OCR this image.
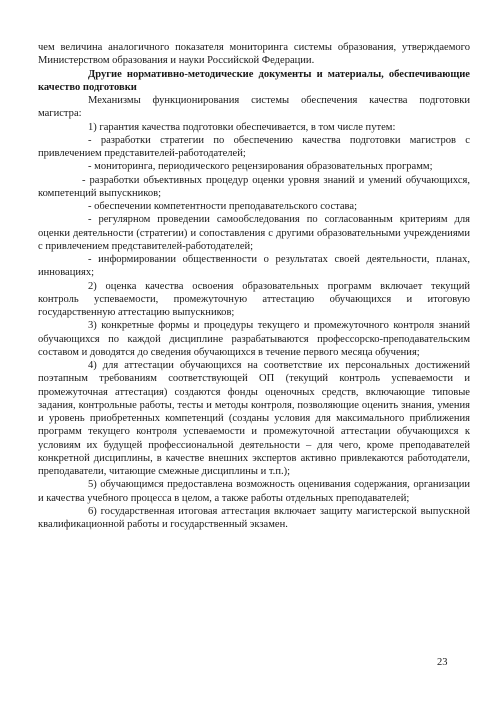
чем величина аналогичного показателя мониторинга системы образования, утверждаемого Министерством образования и науки Российской Федерации.

Другие нормативно-методические документы и материалы, обеспечивающие качество подготовки

Механизмы функционирования системы обеспечения качества подготовки магистра:

1) гарантия качества подготовки обеспечивается, в том числе путем:

- разработки стратегии по обеспечению качества подготовки магистров с привлечением представителей-работодателей;

- мониторинга, периодического рецензирования образовательных программ;

- разработки объективных процедур оценки уровня знаний и умений обучающихся, компетенций выпускников;

- обеспечении компетентности преподавательского состава;

- регулярном проведении самообследования по согласованным критериям для оценки деятельности (стратегии) и сопоставления с другими образовательными учреждениями с привлечением представителей-работодателей;

- информировании общественности о результатах своей деятельности, планах, инновациях;

2) оценка качества освоения образовательных программ включает текущий контроль успеваемости, промежуточную аттестацию обучающихся и итоговую государственную аттестацию выпускников;

3) конкретные формы и процедуры текущего и промежуточного контроля знаний обучающихся по каждой дисциплине разрабатываются профессорско-преподавательским составом и доводятся до сведения обучающихся в течение первого месяца обучения;

4) для аттестации обучающихся на соответствие их персональных достижений поэтапным требованиям соответствующей ОП (текущий контроль успеваемости и промежуточная аттестация) создаются фонды оценочных средств, включающие типовые задания, контрольные работы, тесты и методы контроля, позволяющие оценить знания, умения и уровень приобретенных компетенций (созданы условия для максимального приближения программ текущего контроля успеваемости и промежуточной аттестации обучающихся к условиям их будущей профессиональной деятельности – для чего, кроме преподавателей конкретной дисциплины, в качестве внешних экспертов активно привлекаются работодатели, преподаватели, читающие смежные дисциплины и т.п.);

5) обучающимся предоставлена возможность оценивания содержания, организации и качества учебного процесса в целом, а также работы отдельных преподавателей;

6) государственная итоговая аттестация включает защиту магистерской выпускной квалификационной работы и государственный экзамен.

23
